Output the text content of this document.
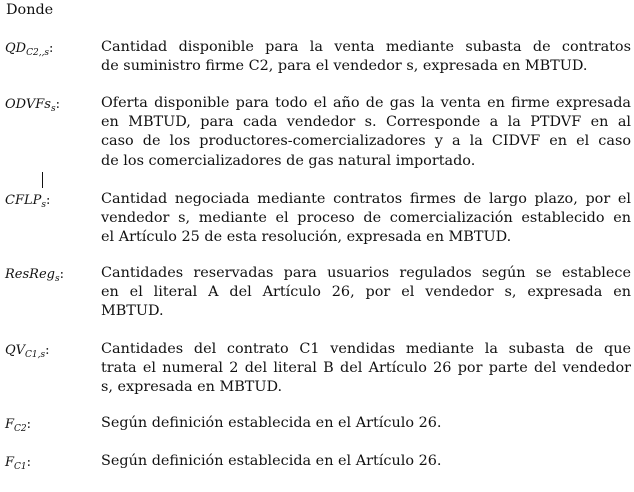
Donde
$QD_{C2,,s}$:	Cantidad disponible para la venta mediante subasta de contratos
de suministro firme C2, para el vendedor s, expresada en MBTUD.
ODVFs$_s$:	Oferta disponible para todo el año de gas la venta en firme expresada
en MBTUD, para cada vendedor s. Corresponde a la PTDVF en al
caso de los productores-comercializadores y a la CIDVF en el caso
de los comercializadores de gas natural importado.
$CFLP_s$:	Cantidad negociada mediante contratos firmes de largo plazo, por el
vendedor s, mediante el proceso de comercialización establecido en
el Artículo 25 de esta resolución, expresada en MBTUD.
ResReg$_s$:	Cantidades reservadas para usuarios regulados según se establece
en el literal A del Artículo 26, por el vendedor s, expresada en
MBTUD.
$QV_{C1,s}$:	Cantidades del contrato C1 vendidas mediante la subasta de que
trata el numeral 2 del literal B del Artículo 26 por parte del vendedor
s, expresada en MBTUD.
$F_{C2}$:	Según definición establecida en el Artículo 26.
$F_{C1}$:	Según definición establecida en el Artículo 26.
